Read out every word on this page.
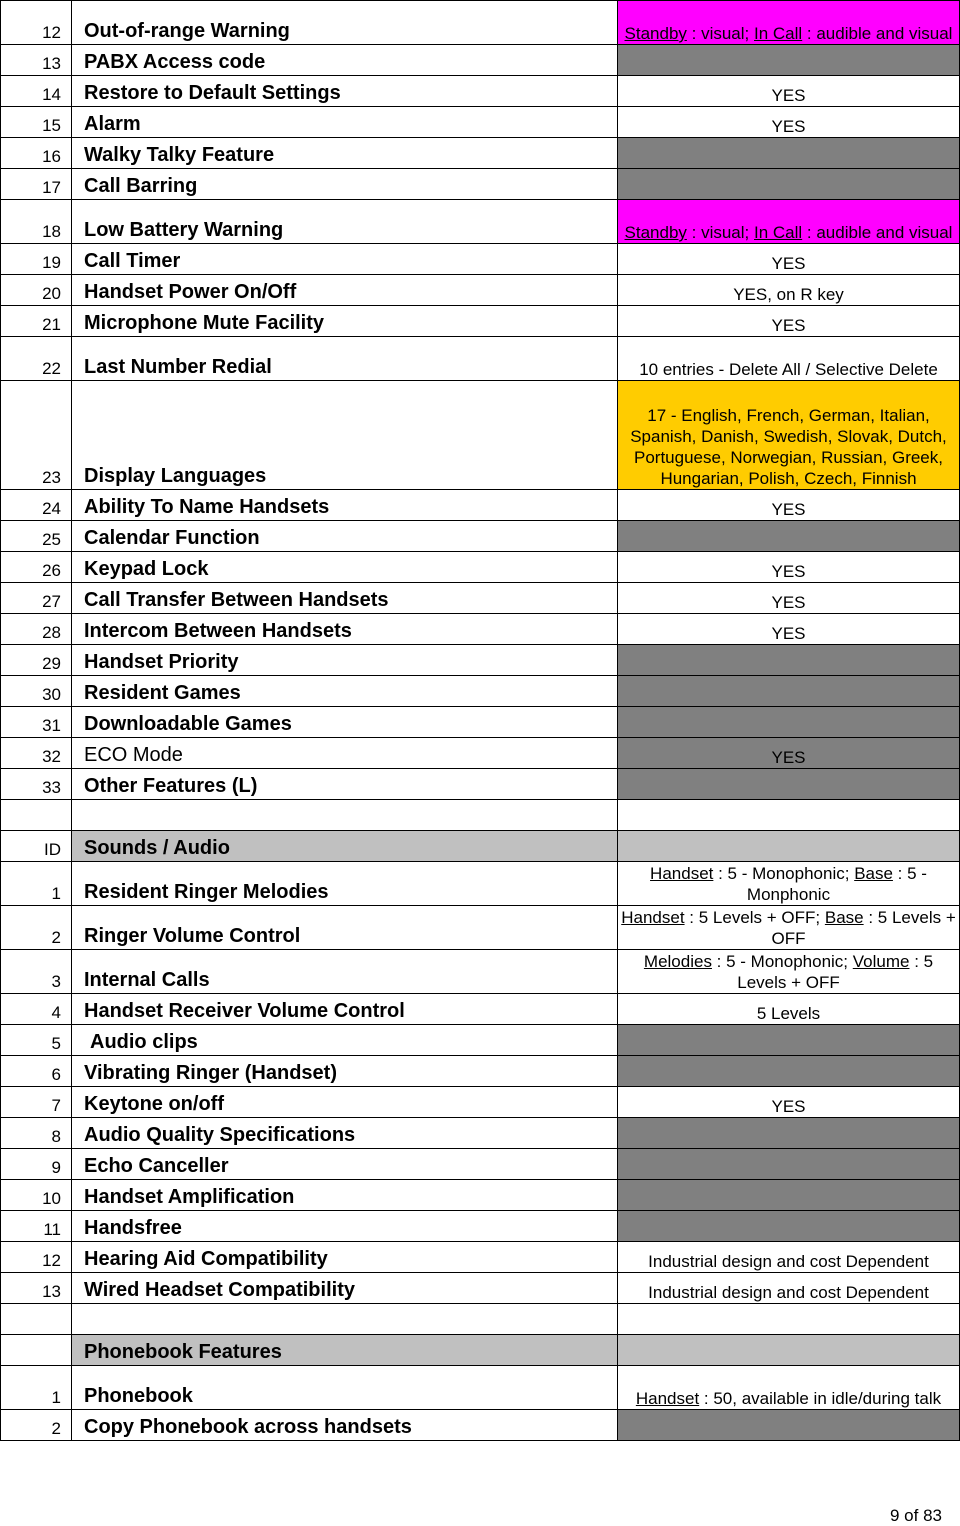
12	Out-of-range Warning	Standby : visual; In Call : audible and visual
13	PABX Access code	
14	Restore to Default Settings	YES
15	Alarm	YES
16	Walky Talky Feature	
17	Call Barring	
18	Low Battery Warning	Standby : visual; In Call : audible and visual
19	Call Timer	YES
20	Handset Power On/Off	YES, on R key
21	Microphone Mute Facility	YES
22	Last Number Redial	10 entries - Delete All / Selective Delete
23	Display Languages	17 - English, French, German, Italian, Spanish, Danish, Swedish, Slovak, Dutch, Portuguese, Norwegian, Russian, Greek, Hungarian, Polish, Czech, Finnish
24	Ability To Name Handsets	YES
25	Calendar Function	
26	Keypad Lock	YES
27	Call Transfer Between Handsets	YES
28	Intercom Between Handsets	YES
29	Handset Priority	
30	Resident Games	
31	Downloadable Games	
32	ECO Mode	YES
33	Other Features (L)	

ID	Sounds / Audio	
1	Resident Ringer Melodies	Handset : 5 - Monophonic; Base : 5 - Monphonic
2	Ringer Volume Control	Handset : 5 Levels + OFF; Base : 5 Levels + OFF
3	Internal Calls	Melodies : 5 - Monophonic; Volume : 5 Levels + OFF
4	Handset Receiver Volume Control	5 Levels
5	Audio clips	
6	Vibrating Ringer (Handset)	
7	Keytone on/off	YES
8	Audio Quality Specifications	
9	Echo Canceller	
10	Handset Amplification	
11	Handsfree	
12	Hearing Aid Compatibility	Industrial design and cost Dependent
13	Wired Headset Compatibility	Industrial design and cost Dependent

	Phonebook Features	
1	Phonebook	Handset : 50, available in idle/during talk
2	Copy Phonebook across handsets	
9 of 83
